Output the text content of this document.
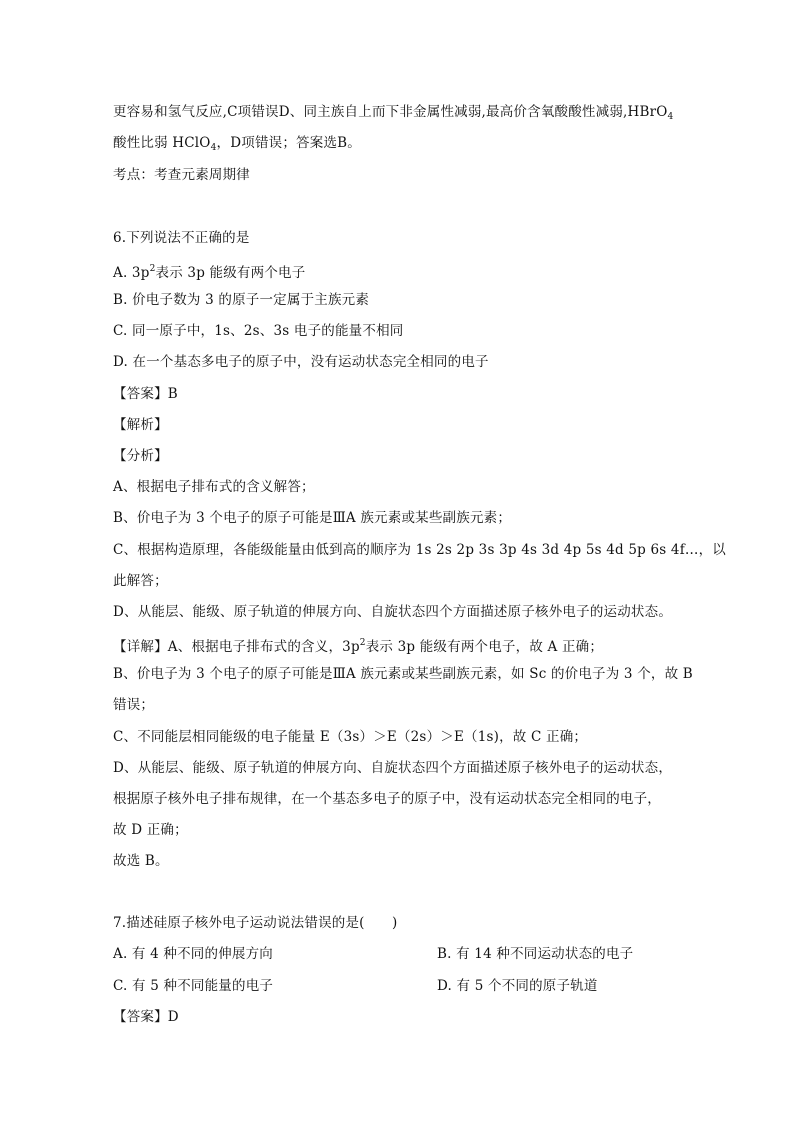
更容易和氢气反应,C项错误D、同主族自上而下非金属性减弱,最高价含氧酸酸性减弱,HBrO$_4$
酸性比弱 HClO$_4$，D项错误；答案选B。
考点：考查元素周期律
6.下列说法不正确的是
A. $3p^2$表示 3p 能级有两个电子
B. 价电子数为 3 的原子一定属于主族元素
C. 同一原子中，1s、2s、3s 电子的能量不相同
D. 在一个基态多电子的原子中，没有运动状态完全相同的电子
【答案】B
【解析】
【分析】
A、根据电子排布式的含义解答；
B、价电子为 3 个电子的原子可能是ⅢA 族元素或某些副族元素；
C、根据构造原理，各能级能量由低到高的顺序为 1s 2s 2p 3s 3p 4s 3d 4p 5s 4d 5p 6s 4f…，以
此解答；
D、从能层、能级、原子轨道的伸展方向、自旋状态四个方面描述原子核外电子的运动状态。
【详解】A、根据电子排布式的含义，$3p^2$表示 3p 能级有两个电子，故 A 正确；
B、价电子为 3 个电子的原子可能是ⅢA 族元素或某些副族元素，如 Sc 的价电子为 3 个，故 B
错误；
C、不同能层相同能级的电子能量 E（3s）＞E（2s）＞E（1s)，故 C 正确；
D、从能层、能级、原子轨道的伸展方向、自旋状态四个方面描述原子核外电子的运动状态，
根据原子核外电子排布规律，在一个基态多电子的原子中，没有运动状态完全相同的电子，
故 D 正确；
故选 B。
7.描述硅原子核外电子运动说法错误的是(　　)
A. 有 4 种不同的伸展方向	B. 有 14 种不同运动状态的电子
C. 有 5 种不同能量的电子	D. 有 5 个不同的原子轨道
【答案】D
